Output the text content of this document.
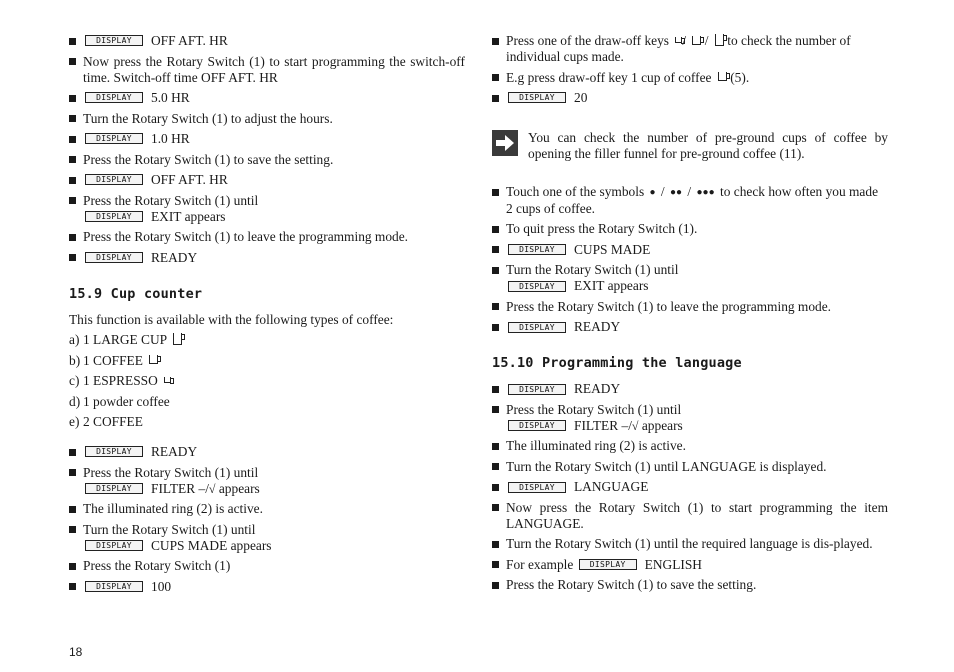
DISPLAY OFF AFT. HR
Now press the Rotary Switch (1) to start programming the switch-off time. Switch-off time OFF AFT. HR
DISPLAY 5.0 HR
Turn the Rotary Switch (1) to adjust the hours.
DISPLAY 1.0 HR
Press the Rotary Switch (1) to save the setting.
DISPLAY OFF AFT. HR
Press the Rotary Switch (1) until
DISPLAY EXIT appears
Press the Rotary Switch (1) to leave the programming mode.
DISPLAY READY
15.9 Cup counter
This function is available with the following types of coffee:
a) 1 LARGE CUP
b) 1 COFFEE
c) 1 ESPRESSO
d) 1 powder coffee
e) 2 COFFEE
DISPLAY READY
Press the Rotary Switch (1) until
DISPLAY FILTER –/√ appears
The illuminated ring (2) is active.
Turn the Rotary Switch (1) until
DISPLAY CUPS MADE appears
Press the Rotary Switch (1)
DISPLAY 100
Press one of the draw-off keys /  /  to check the number of individual cups made.
E.g press draw-off key 1 cup of coffee (5).
DISPLAY 20
You can check the number of pre-ground cups of coffee by opening the filler funnel for pre-ground coffee (11).
Touch one of the symbols ● / ●● / ●●● to check how often you made 2 cups of coffee.
To quit press the Rotary Switch (1).
DISPLAY CUPS MADE
Turn the Rotary Switch (1) until
DISPLAY EXIT appears
Press the Rotary Switch (1) to leave the programming mode.
DISPLAY READY
15.10 Programming the language
DISPLAY READY
Press the Rotary Switch (1) until
DISPLAY FILTER –/√ appears
The illuminated ring (2) is active.
Turn the Rotary Switch (1) until LANGUAGE is displayed.
DISPLAY LANGUAGE
Now press the Rotary Switch (1) to start programming the item LANGUAGE.
Turn the Rotary Switch (1) until the required language is dis-played.
For example DISPLAY ENGLISH
Press the Rotary Switch (1) to save the setting.
18
